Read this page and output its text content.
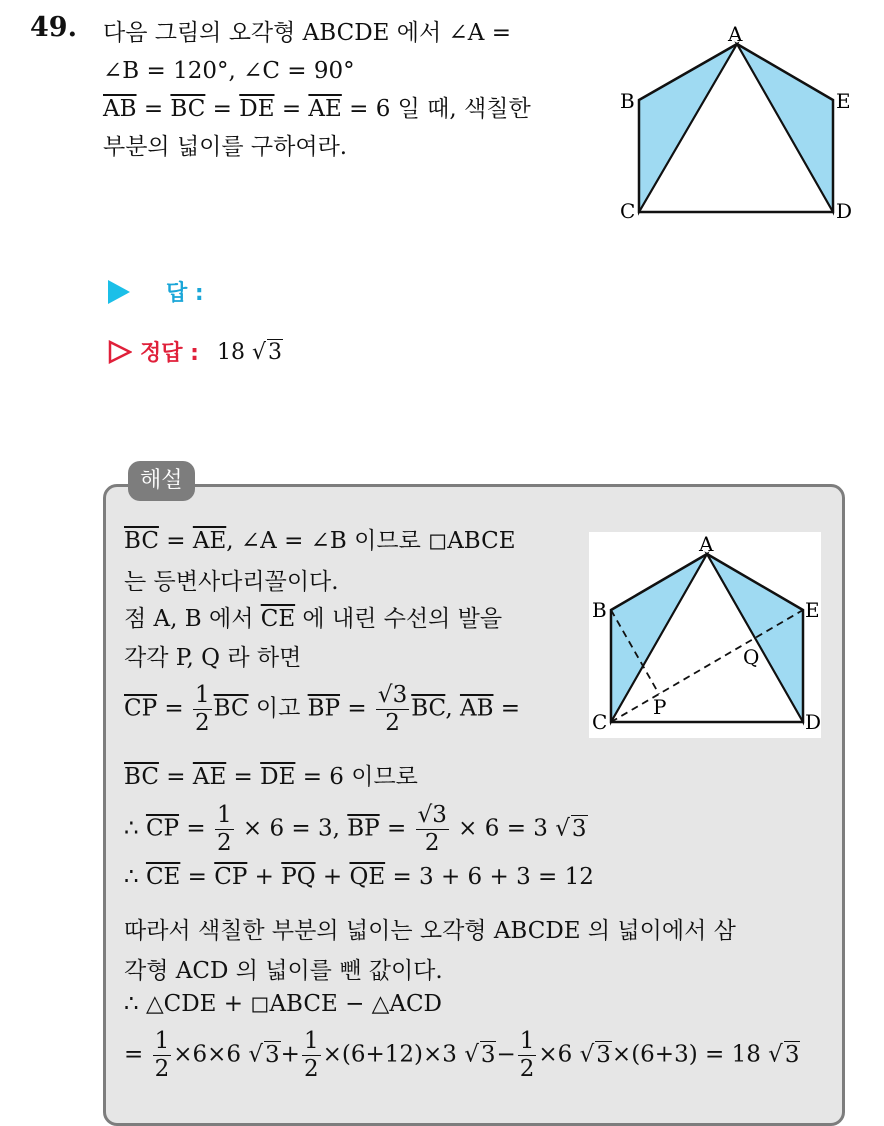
49. 다음 그림의 오각형 ABCDE 에서 ∠A =
∠B = 120°, ∠C = 90°
$\overline{AB} = \overline{BC} = \overline{DE} = \overline{AE} = 6$ 일 때, 색칠한
부분의 넓이를 구하여라.
A
B
C	D
E
답 :
정답 : 18 √3
해설
$\overline{BC} = \overline{AE}$, ∠A = ∠B 이므로 ◻ABCE
는 등변사다리꼴이다.
점 A, B 에서 $\overline{CE}$ 에 내린 수선의 발을
각각 P, Q 라 하면
$\overline{CP} = \frac{1}{2} \overline{BC}$ 이고 $\overline{BP} = \frac{√3}{2} \overline{BC}$, $\overline{AB}$ =
$\overline{BC} = \overline{AE} = \overline{DE} = 6$ 이므로
∴ $\overline{CP} = \frac{1}{2} \times 6 = 3$, $\overline{BP} = \frac{√3}{2} \times 6 = 3$ √3
∴ $\overline{CE} = \overline{CP} + \overline{PQ} + \overline{QE} = 3 + 6 + 3 = 12$
따라서 색칠한 부분의 넓이는 오각형 ABCDE 의 넓이에서 삼
각형 ACD 의 넓이를 뺀 값이다.
∴ △CDE + ◻ABCE − △ACD
= $\frac{1}{2} \times 6\times 6$ $√3+ \frac{1}{2} \times(6+12)\times 3$ $√3- \frac{1}{2} \times 6$ √3×(6+3) = 18 √3
A
B
C	D
E
P
Q
